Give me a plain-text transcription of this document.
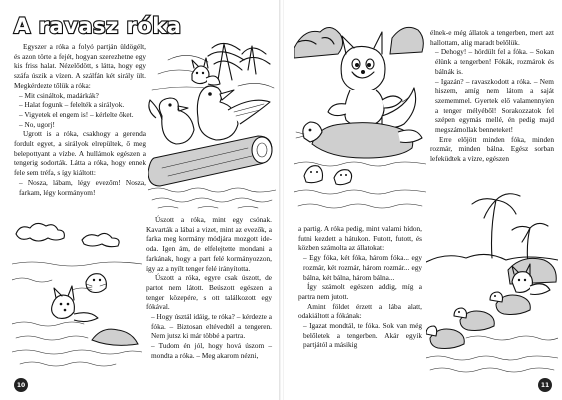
A ravasz róka

Egyszer a róka a folyó partján üldögélt, és azon törte a fejét, hogyan szerezhetne egy kis friss halat. Nézelődött, s látta, hogy egy száfa úszik a vízen. A szálfán két sirály ült. Megkérdezte tőlük a róka:

– Mit csináltok, madárkák?

– Halat fogunk – felelték a sirályok.

– Vigyetek el engem is! – kérlelte őket.

– No, ugorj!

Ugrott is a róka, csakhogy a gerenda fordult egyet, a sirályok elrepültek, ő meg belepottyant a vízbe. A hullámok egészen a tengerig sodorták. Látta a róka, hogy ennek fele sem tréfa, s így kiáltott:

– Nosza, lábam, légy evezőm! Nosza, farkam, légy kormányom!

Úszott a róka, mint egy csónak. Kavarták a lábai a vizet, mint az evezők, a farka meg kormány módjára mozgott ide-oda. Igen ám, de elfelejtette mondani a farkának, hogy a part felé kormányozzon, így az a nyílt tenger felé irányította.

Úszott a róka, egyre csak úszott, de partot nem látott. Beúszott egészen a tenger közepére, s ott találkozott egy fókával.

– Hogy úsztál idáig, te róka? – kérdezte a fóka. – Biztosan eltévedtél a tengeren. Nem jutsz ki már többé a partra.

– Tudom én jól, hogy hová úszom – mondta a róka. – Meg akarom nézni,

10

élnek-e még állatok a tengerben, mert azt hallottam, alig maradt belőlük.

– Dehogy! – hördült fel a fóka. – Sokan élünk a tengerben! Fókák, rozmárok és bálnák is.

– Igazán? – ravaszkodott a róka. – Nem hiszem, amíg nem látom a saját szememmel. Gyertek elő valamennyien a tenger mélyéből! Sorakozzatok fel szépen egymás mellé, én pedig majd megszámollak benneteket!

Erre előjött minden fóka, minden rozmár, minden bálna. Egész sorban lefeküdtek a vízre, egészen

a partig. A róka pedig, mint valami hídon, futni kezdett a hátukon. Futott, futott, és közben számolta az állatokat:

– Egy fóka, két fóka, három fóka... egy rozmár, két rozmár, három rozmár... egy bálna, két bálna, három bálna...

Így számolt egészen addig, míg a partra nem jutott.

Amint földet érzett a lába alatt, odakiáltott a fókának:

– Igazat mondtál, te fóka. Sok van még belőletek a tengerben. Akár egyik partjától a másikig

11
